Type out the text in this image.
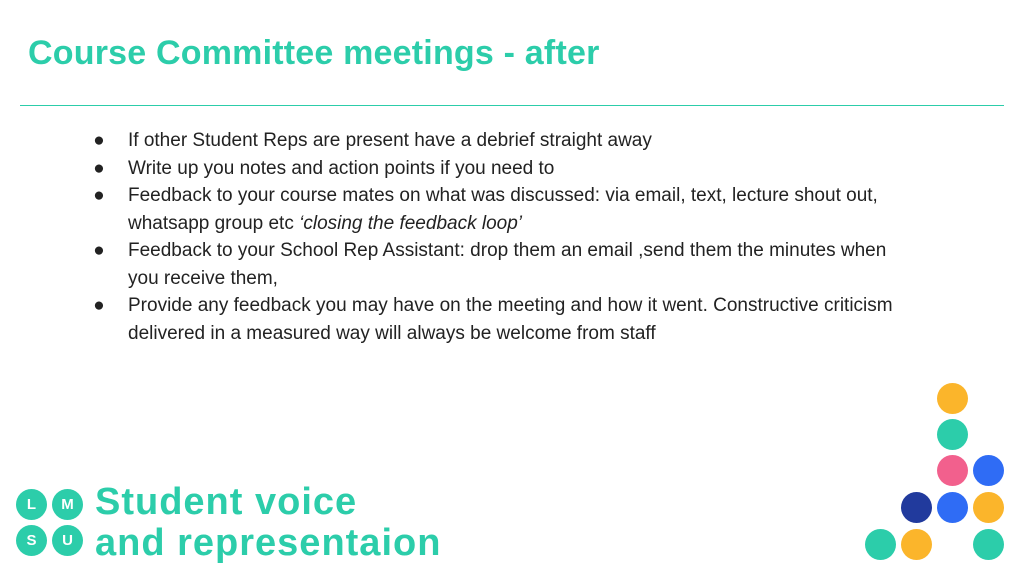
Course Committee meetings - after
● If other Student Reps are present have a debrief straight away
● Write up you notes and action points if you need to
● Feedback to your course mates on what was discussed: via email, text, lecture shout out, whatsapp group etc ‘closing the feedback loop’
● Feedback to your School Rep Assistant: drop them an email ,send them the minutes when you receive them,
● Provide any feedback you may have on the meeting and how it went. Constructive criticism delivered in a measured way will always be welcome from staff
L	M
S	U
Student voice
and representaion
